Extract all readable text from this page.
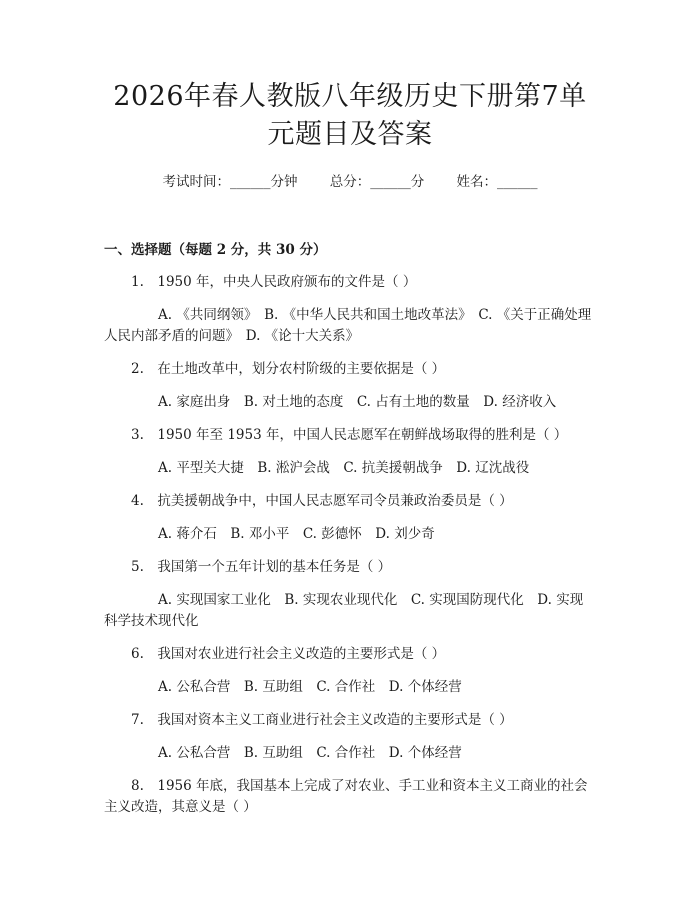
2026年春人教版八年级历史下册第7单元题目及答案
考试时间：______分钟 总分：______分 姓名：______
一、选择题（每题 2 分，共 30 分）
1.　1950 年，中央人民政府颁布的文件是（ ）
A. 《共同纲领》　B. 《中华人民共和国土地改革法》　C. 《关于正确处理人民内部矛盾的问题》　D. 《论十大关系》
2.　在土地改革中，划分农村阶级的主要依据是（ ）
A. 家庭出身　B. 对土地的态度　C. 占有土地的数量　D. 经济收入
3.　1950 年至 1953 年，中国人民志愿军在朝鲜战场取得的胜利是（ ）
A. 平型关大捷　B. 淞沪会战　C. 抗美援朝战争　D. 辽沈战役
4.　抗美援朝战争中，中国人民志愿军司令员兼政治委员是（ ）
A. 蒋介石　B. 邓小平　C. 彭德怀　D. 刘少奇
5.　我国第一个五年计划的基本任务是（ ）
A. 实现国家工业化　B. 实现农业现代化　C. 实现国防现代化　D. 实现科学技术现代化
6.　我国对农业进行社会主义改造的主要形式是（ ）
A. 公私合营　B. 互助组　C. 合作社　D. 个体经营
7.　我国对资本主义工商业进行社会主义改造的主要形式是（ ）
A. 公私合营　B. 互助组　C. 合作社　D. 个体经营
8.　1956 年底，我国基本上完成了对农业、手工业和资本主义工商业的社会主义改造，其意义是（ ）
